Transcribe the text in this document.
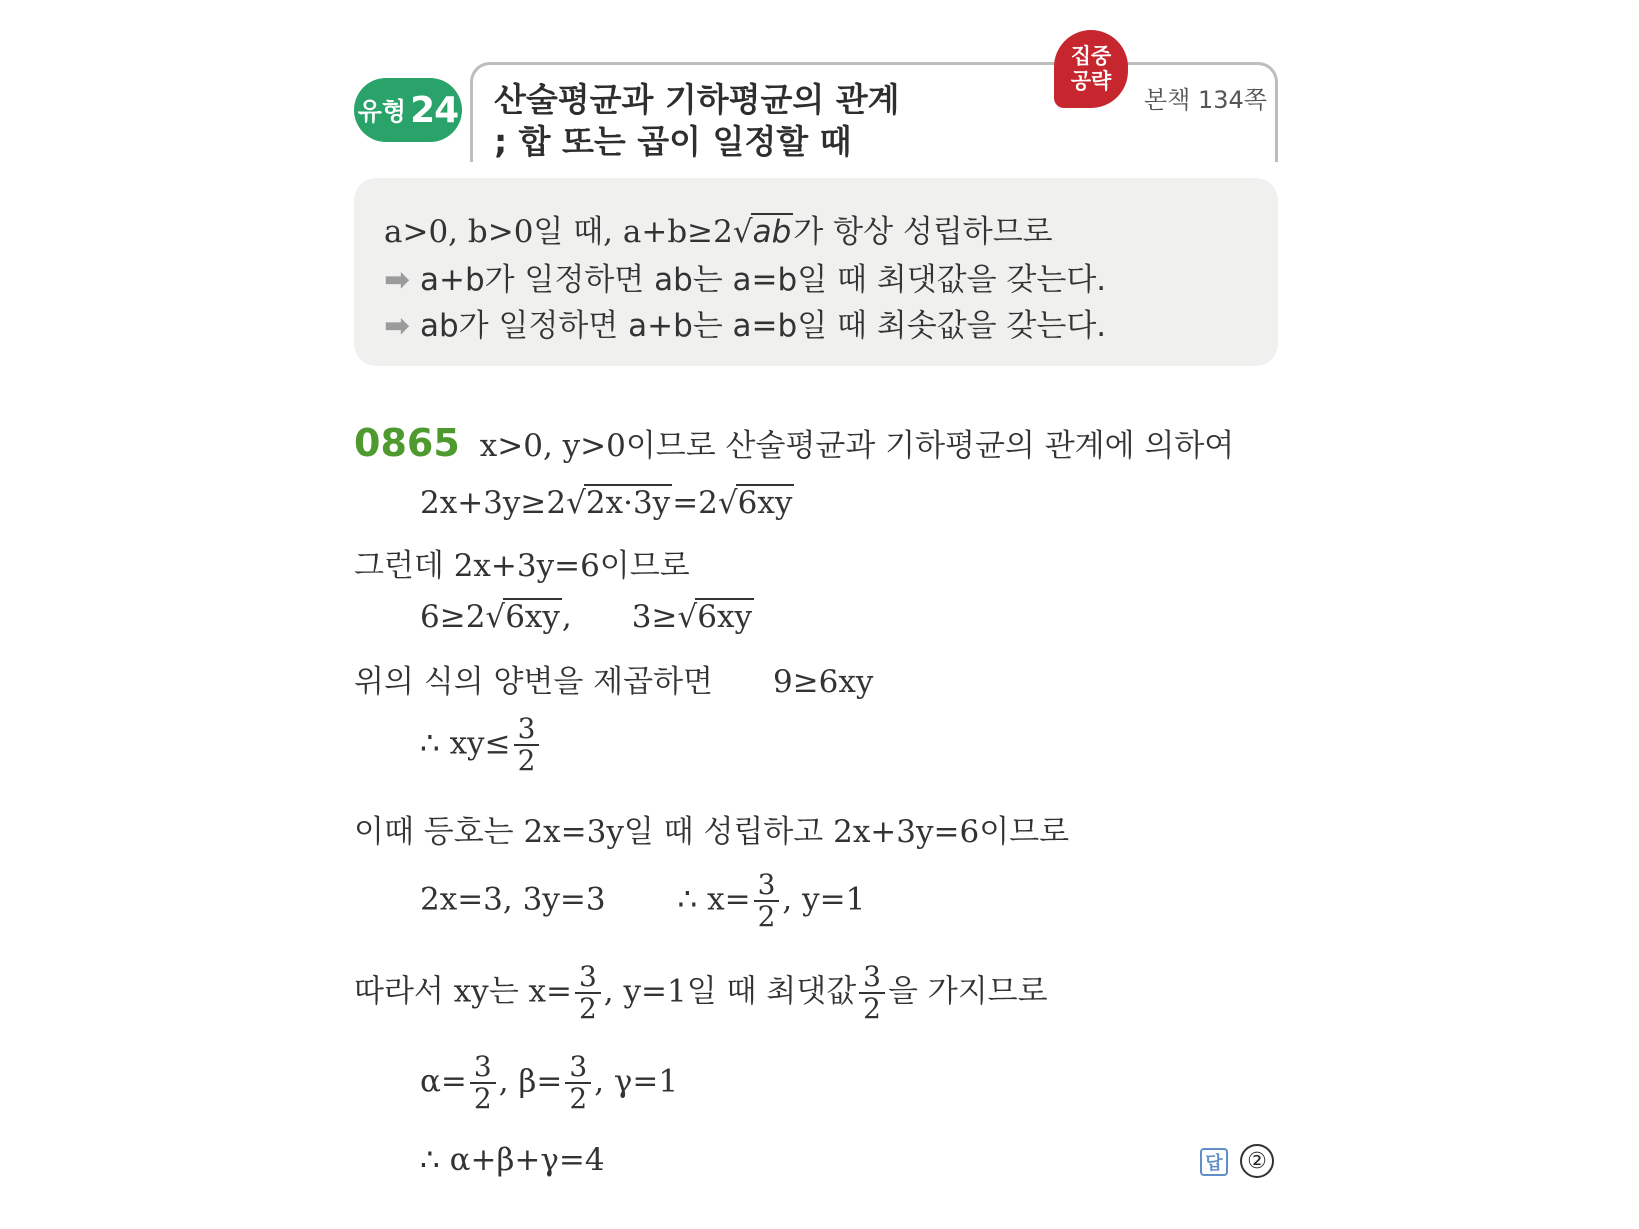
유형 24 산술평균과 기하평균의 관계
; 합 또는 곱이 일정할 때
집중
공략
본책 134쪽
a>0, b>0일 때, a+b≥2√ab가 항상 성립하므로
➡ a+b가 일정하면 ab는 a=b일 때 최댓값을 갖는다.
➡ ab가 일정하면 a+b는 a=b일 때 최솟값을 갖는다.
0865 x>0, y>0이므로 산술평균과 기하평균의 관계에 의하여
2x+3y≥2√2x·3y=2√6xy
그런데 2x+3y=6이므로
6≥2√6xy, 3≥√6xy
위의 식의 양변을 제곱하면 9≥6xy
∴ $xy\le \frac{3}{2}$
이때 등호는 2x=3y일 때 성립하고 2x+3y=6이므로
2x=3, 3y=3 ∴ $x= \frac{3}{2}$ , y=1
따라서 xy는 $x= \frac{3}{2}$ , y=1일 때 최댓값 $\frac{3}{2}$ 을 가지므로
$\alpha= \frac{3}{2}$ , $\beta= \frac{3}{2}$ , γ=1
∴ α+β+γ=4	답	②
